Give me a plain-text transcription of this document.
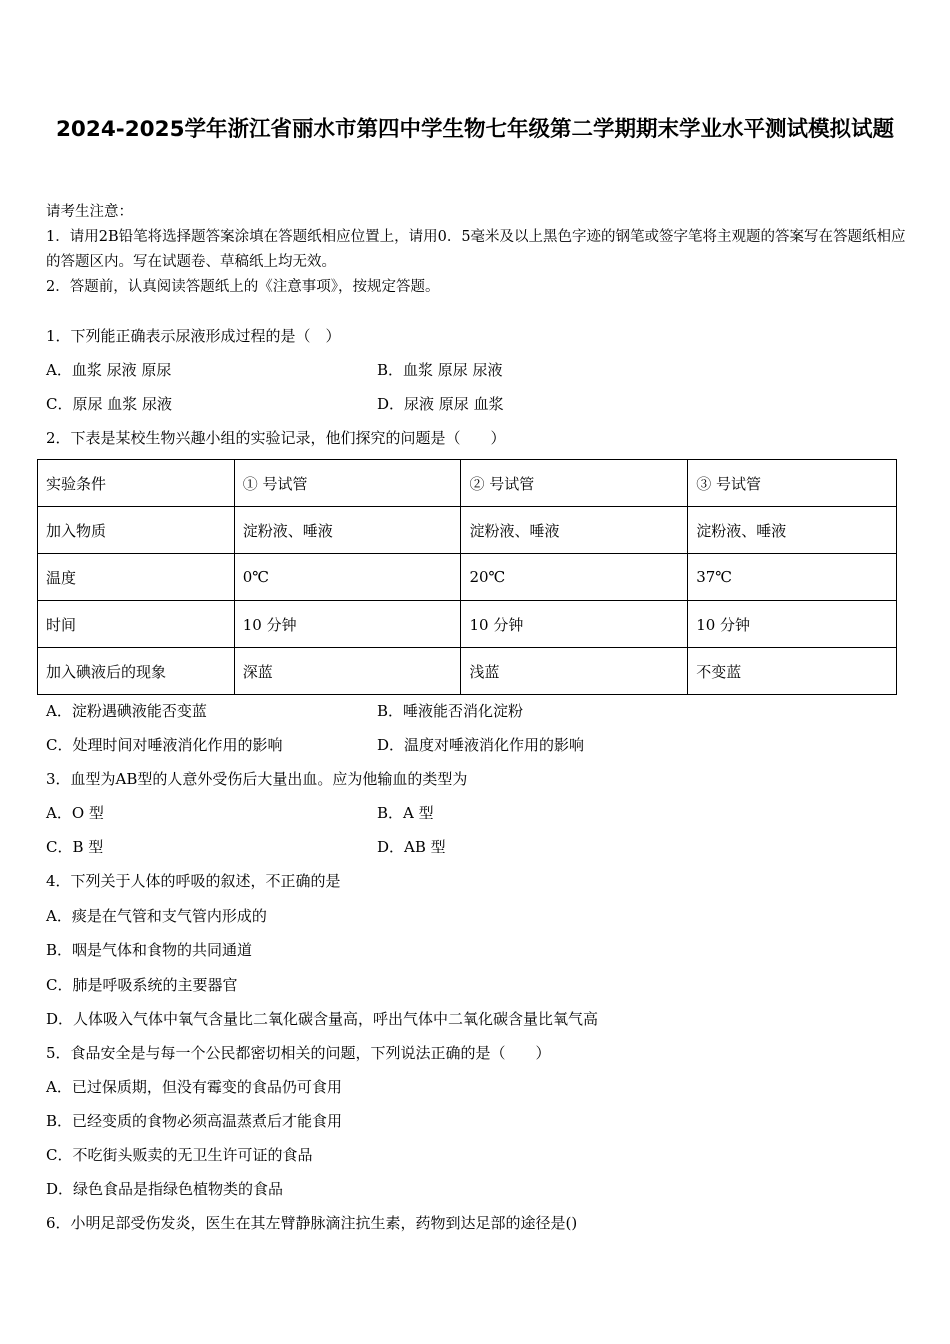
2024-2025学年浙江省丽水市第四中学生物七年级第二学期期末学业水平测试模拟试题
请考生注意：
1．请用2B铅笔将选择题答案涂填在答题纸相应位置上，请用0．5毫米及以上黑色字迹的钢笔或签字笔将主观题的答案写在答题纸相应的答题区内。写在试题卷、草稿纸上均无效。
2．答题前，认真阅读答题纸上的《注意事项》，按规定答题。
1．下列能正确表示尿液形成过程的是（　）
A．血浆 尿液 原尿	B．血浆 原尿 尿液
C．原尿 血浆 尿液	D．尿液 原尿 血浆
2．下表是某校生物兴趣小组的实验记录，他们探究的问题是（　　）
实验条件	① 号试管	② 号试管	③ 号试管
加入物质	淀粉液、唾液	淀粉液、唾液	淀粉液、唾液
温度	0℃	20℃	37℃
时间	10 分钟	10 分钟	10 分钟
加入碘液后的现象	深蓝	浅蓝	不变蓝
A．淀粉遇碘液能否变蓝	B．唾液能否消化淀粉
C．处理时间对唾液消化作用的影响	D．温度对唾液消化作用的影响
3．血型为AB型的人意外受伤后大量出血。应为他输血的类型为
A．O 型	B．A 型
C．B 型	D．AB 型
4．下列关于人体的呼吸的叙述，不正确的是
A．痰是在气管和支气管内形成的
B．咽是气体和食物的共同通道
C．肺是呼吸系统的主要器官
D．人体吸入气体中氧气含量比二氧化碳含量高，呼出气体中二氧化碳含量比氧气高
5．食品安全是与每一个公民都密切相关的问题，下列说法正确的是（　　）
A．已过保质期，但没有霉变的食品仍可食用
B．已经变质的食物必须高温蒸煮后才能食用
C．不吃街头贩卖的无卫生许可证的食品
D．绿色食品是指绿色植物类的食品
6．小明足部受伤发炎，医生在其左臂静脉滴注抗生素，药物到达足部的途径是()
